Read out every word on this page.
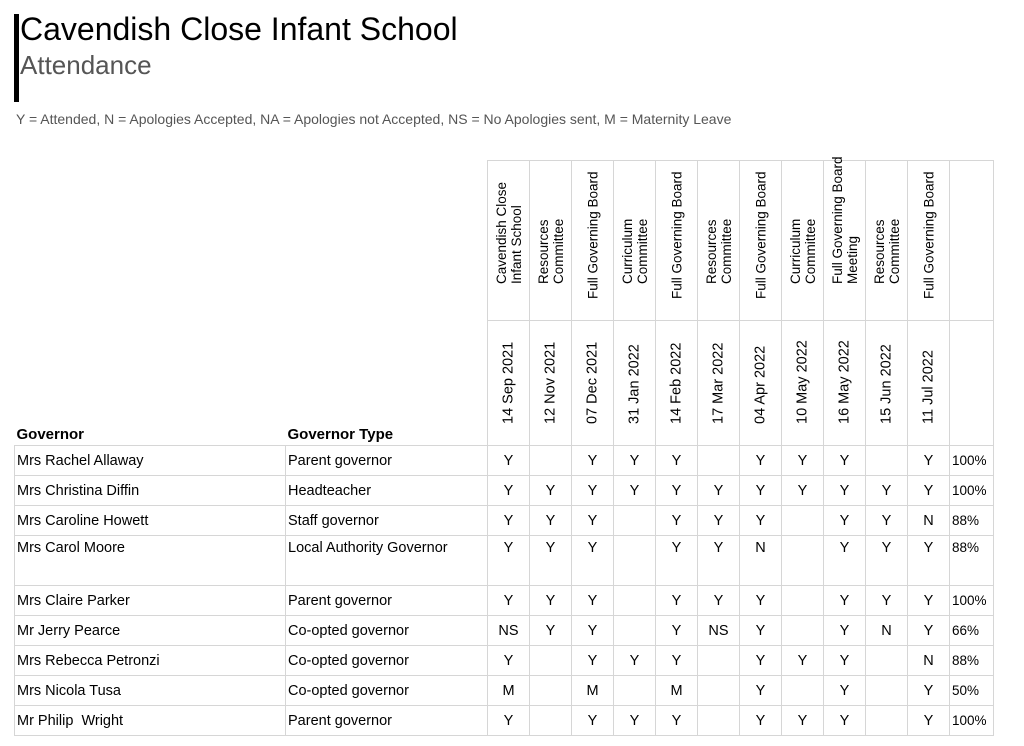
Cavendish Close Infant School
Attendance
Y = Attended, N = Apologies Accepted, NA = Apologies not Accepted, NS = No Apologies sent, M = Maternity Leave

		Cavendish Close Infant School	Resources Committee	Full Governing Board	Curriculum Committee	Full Governing Board	Resources Committee	Full Governing Board	Curriculum Committee	Full Governing Board Meeting	Resources Committee	Full Governing Board	

Governor	Governor Type	14 Sep 2021	12 Nov 2021	07 Dec 2021	31 Jan 2022	14 Feb 2022	17 Mar 2022	04 Apr 2022	10 May 2022	16 May 2022	15 Jun 2022	11 Jul 2022	

Mrs Rachel Allaway	Parent governor	Y		Y	Y	Y		Y	Y	Y		Y	100%
Mrs Christina Diffin	Headteacher	Y	Y	Y	Y	Y	Y	Y	Y	Y	Y	Y	100%
Mrs Caroline Howett	Staff governor	Y	Y	Y		Y	Y	Y		Y	Y	N	88%
Mrs Carol Moore	Local Authority Governor	Y	Y	Y		Y	Y	N		Y	Y	Y	88%
Mrs Claire Parker	Parent governor	Y	Y	Y		Y	Y	Y		Y	Y	Y	100%
Mr Jerry Pearce	Co-opted governor	NS	Y	Y		Y	NS	Y		Y	N	Y	66%
Mrs Rebecca Petronzi	Co-opted governor	Y		Y	Y	Y		Y	Y	Y		N	88%
Mrs Nicola Tusa	Co-opted governor	M		M		M		Y		Y		Y	50%
Mr Philip  Wright	Parent governor	Y		Y	Y	Y		Y	Y	Y		Y	100%
